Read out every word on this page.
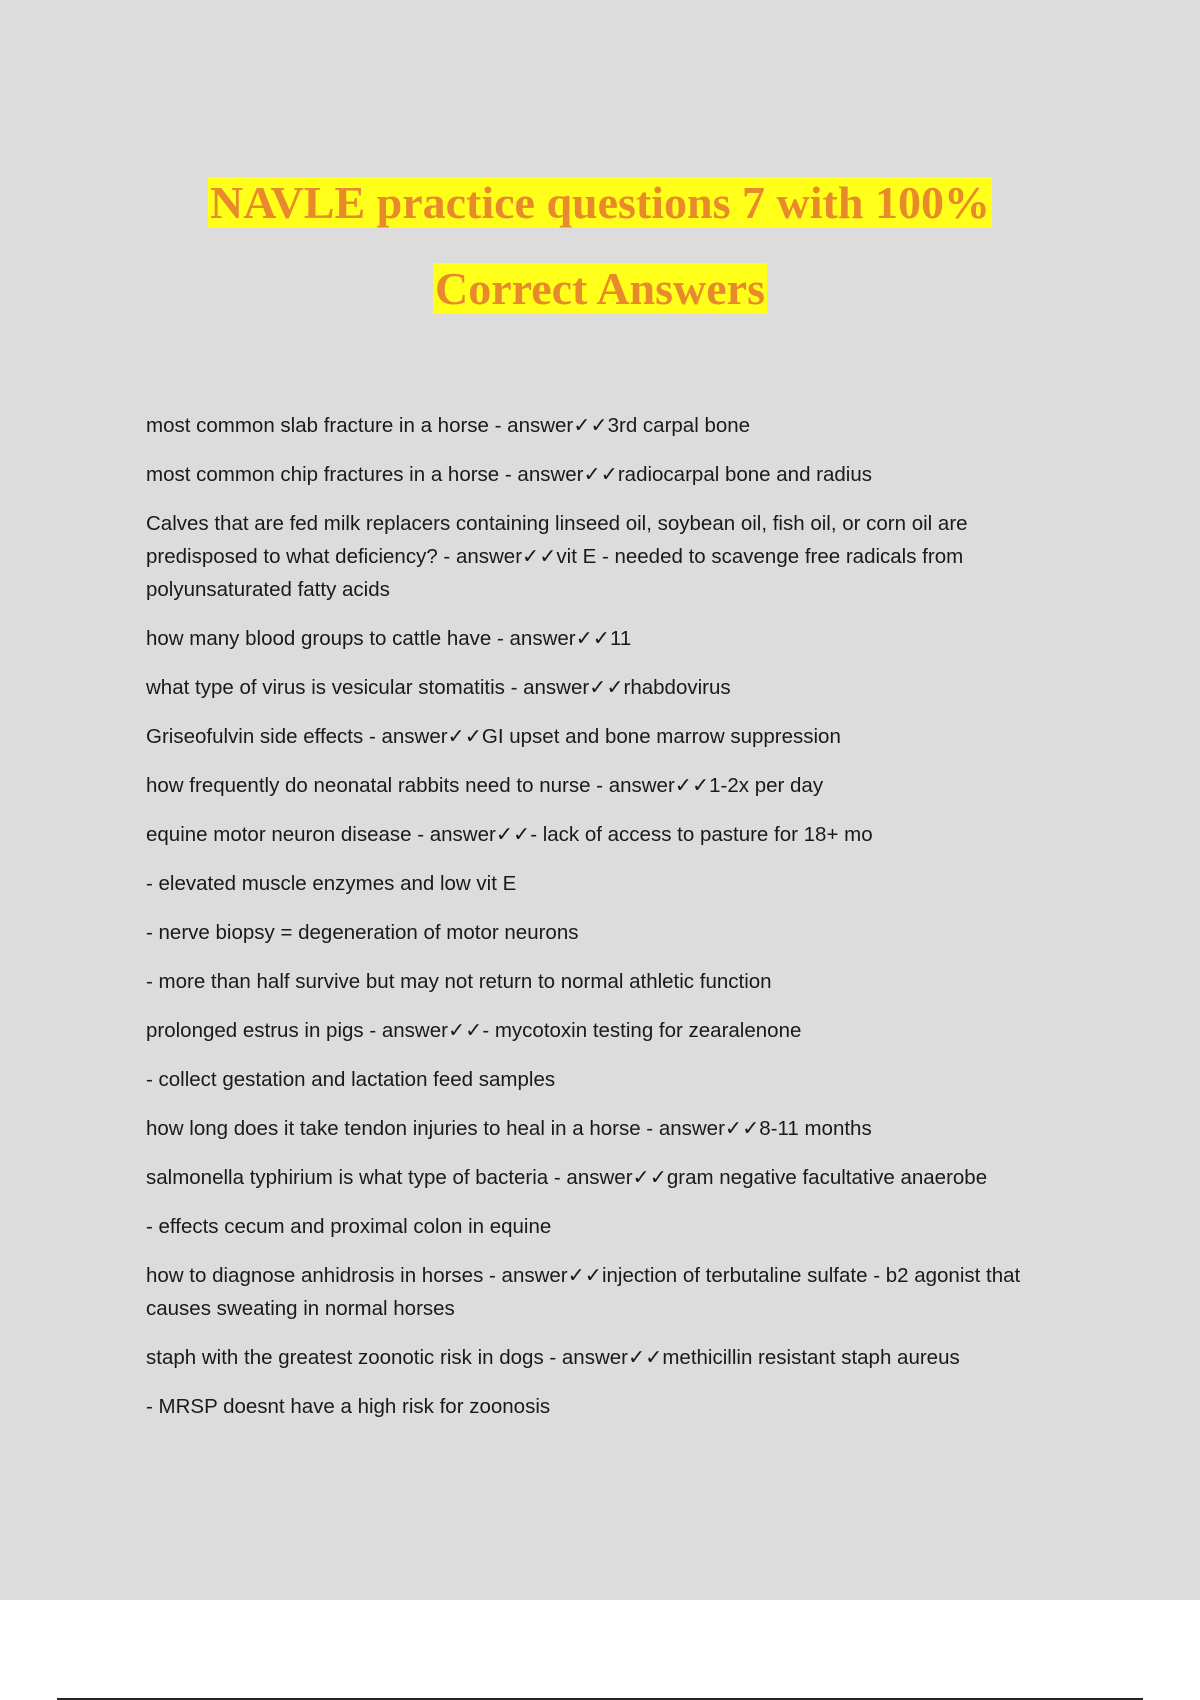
NAVLE practice questions 7 with 100%
Correct Answers

most common slab fracture in a horse - answer✓✓3rd carpal bone

most common chip fractures in a horse - answer✓✓radiocarpal bone and radius

Calves that are fed milk replacers containing linseed oil, soybean oil, fish oil, or corn oil are predisposed to what deficiency? - answer✓✓vit E - needed to scavenge free radicals from polyunsaturated fatty acids

how many blood groups to cattle have - answer✓✓11

what type of virus is vesicular stomatitis - answer✓✓rhabdovirus

Griseofulvin side effects - answer✓✓GI upset and bone marrow suppression

how frequently do neonatal rabbits need to nurse - answer✓✓1-2x per day

equine motor neuron disease - answer✓✓- lack of access to pasture for 18+ mo

- elevated muscle enzymes and low vit E

- nerve biopsy = degeneration of motor neurons

- more than half survive but may not return to normal athletic function

prolonged estrus in pigs - answer✓✓- mycotoxin testing for zearalenone

- collect gestation and lactation feed samples

how long does it take tendon injuries to heal in a horse - answer✓✓8-11 months

salmonella typhirium is what type of bacteria - answer✓✓gram negative facultative anaerobe

- effects cecum and proximal colon in equine

how to diagnose anhidrosis in horses - answer✓✓injection of terbutaline sulfate - b2 agonist that causes sweating in normal horses

staph with the greatest zoonotic risk in dogs - answer✓✓methicillin resistant staph aureus

- MRSP doesnt have a high risk for zoonosis
